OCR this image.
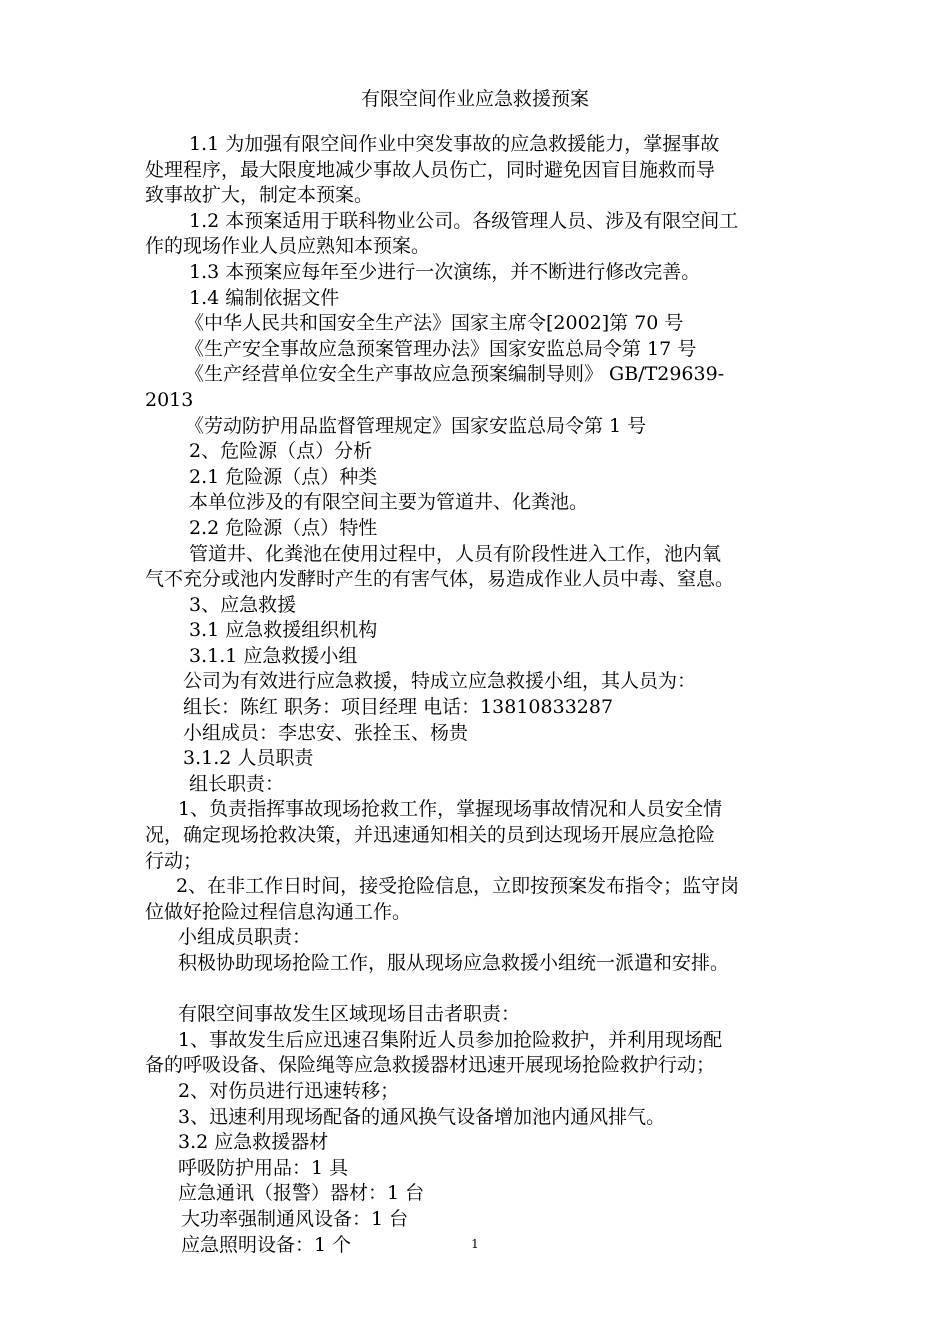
有限空间作业应急救援预案

1.1 为加强有限空间作业中突发事故的应急救援能力，掌握事故

处理程序，最大限度地减少事故人员伤亡，同时避免因盲目施救而导

致事故扩大，制定本预案。

1.2 本预案适用于联科物业公司。各级管理人员、涉及有限空间工

作的现场作业人员应熟知本预案。

1.3 本预案应每年至少进行一次演练，并不断进行修改完善。

1.4 编制依据文件

《中华人民共和国安全生产法》国家主席令[2002]第 70 号

《生产安全事故应急预案管理办法》国家安监总局令第 17 号

《生产经营单位安全生产事故应急预案编制导则》 GB/T29639-

2013

《劳动防护用品监督管理规定》国家安监总局令第 1 号

2、危险源（点）分析

2.1 危险源（点）种类

本单位涉及的有限空间主要为管道井、化粪池。

2.2 危险源（点）特性

管道井、化粪池在使用过程中，人员有阶段性进入工作，池内氧

气不充分或池内发酵时产生的有害气体，易造成作业人员中毒、窒息。

3、应急救援

3.1 应急救援组织机构

3.1.1 应急救援小组

公司为有效进行应急救援，特成立应急救援小组，其人员为：

组长：陈红 职务：项目经理 电话：13810833287

小组成员：李忠安、张拴玉、杨贵

3.1.2 人员职责

组长职责：

1、负责指挥事故现场抢救工作，掌握现场事故情况和人员安全情

况，确定现场抢救决策，并迅速通知相关的员到达现场开展应急抢险

行动；

2、在非工作日时间，接受抢险信息，立即按预案发布指令；监守岗

位做好抢险过程信息沟通工作。

小组成员职责：

积极协助现场抢险工作，服从现场应急救援小组统一派遣和安排。

有限空间事故发生区域现场目击者职责：

1、事故发生后应迅速召集附近人员参加抢险救护，并利用现场配

备的呼吸设备、保险绳等应急救援器材迅速开展现场抢险救护行动；

2、对伤员进行迅速转移；

3、迅速利用现场配备的通风换气设备增加池内通风排气。

3.2 应急救援器材

呼吸防护用品：1 具

应急通讯（报警）器材：1 台

大功率强制通风设备：1 台

应急照明设备：1 个	1
